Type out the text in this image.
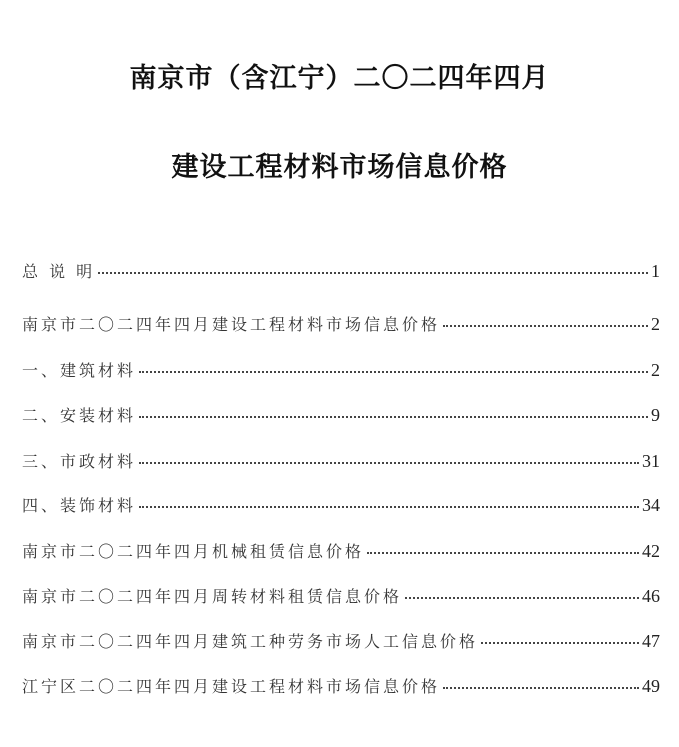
南京市（含江宁）二〇二四年四月
建设工程材料市场信息价格
总 说 明	1
南京市二〇二四年四月建设工程材料市场信息价格	2
一、建筑材料	2
二、安装材料	9
三、市政材料	31
四、装饰材料	34
南京市二〇二四年四月机械租赁信息价格	42
南京市二〇二四年四月周转材料租赁信息价格	46
南京市二〇二四年四月建筑工种劳务市场人工信息价格	47
江宁区二〇二四年四月建设工程材料市场信息价格	49
